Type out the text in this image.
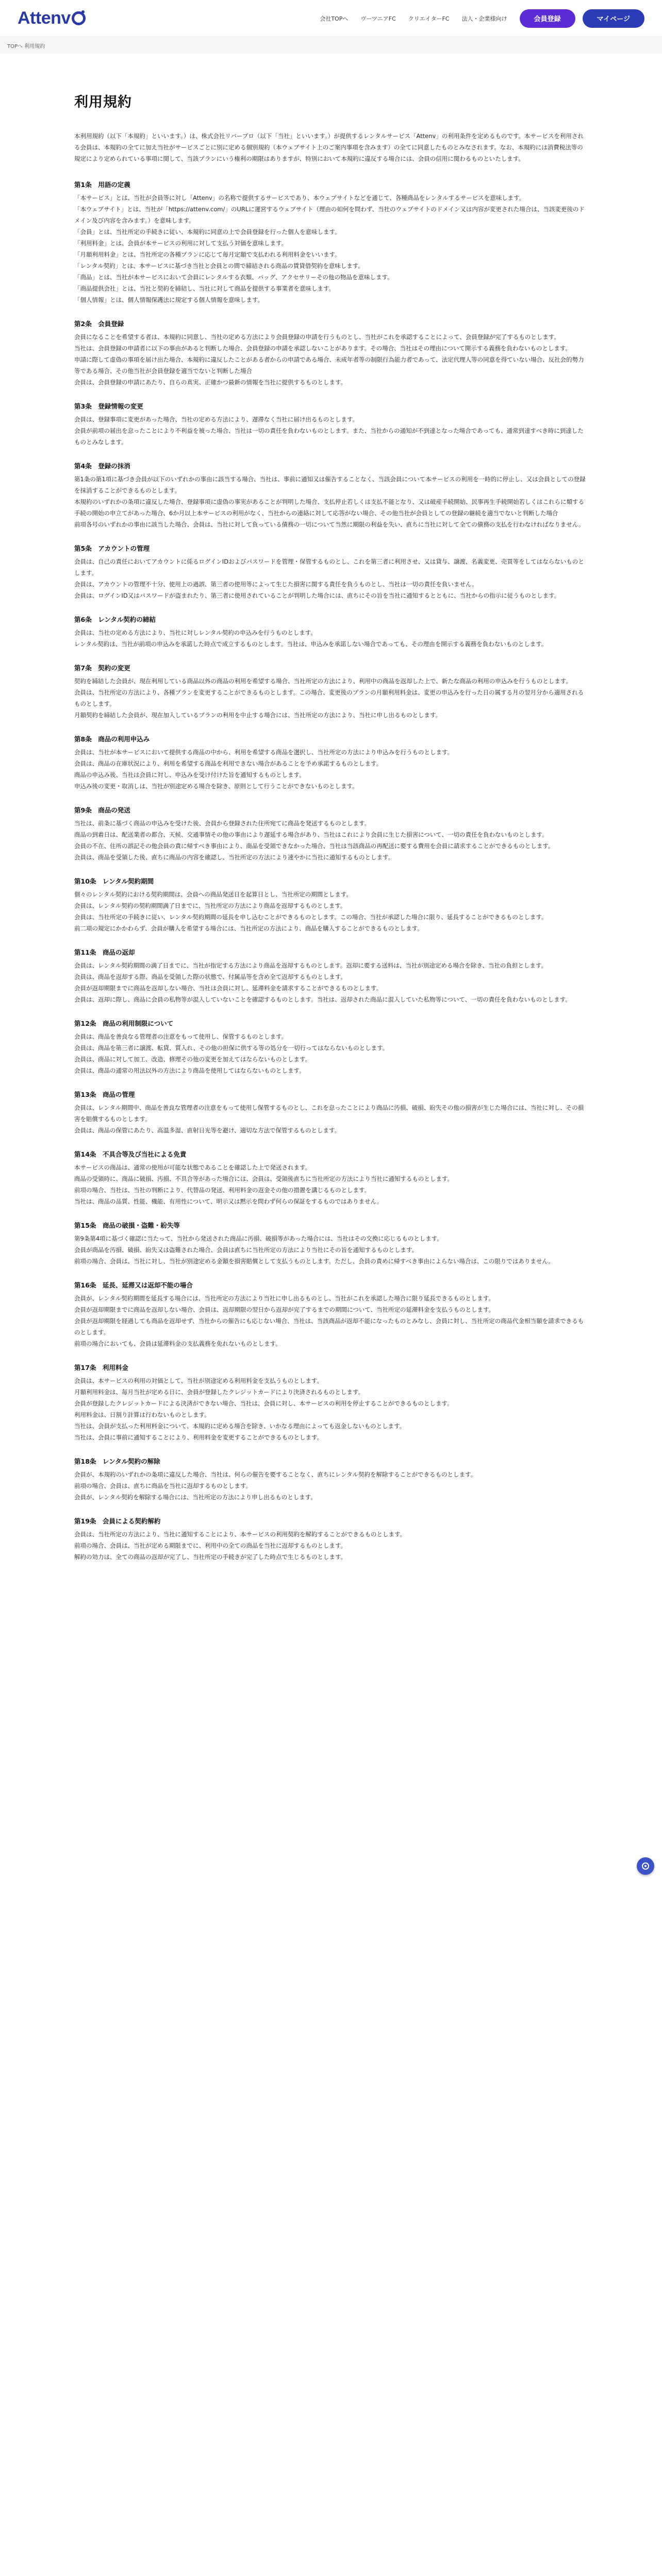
Attenv	会社TOPへ ヴーツニアFC クリエイターFC 法人・企業様向け	会員登録	マイページ
TOPへ 利用規約
利用規約

本利用規約（以下「本規約」といいます。）は、株式会社リバーブロ（以下「当社」といいます。）が提供するレンタルサービス「Attenv」の利用条件を定めるものです。本サービスを利用される会員は、本規約の全てに加え当社がサービスごとに別に定める個別規約（本ウェブサイト上のご案内事項を含みます）の全てに同意したものとみなされます。なお、本規約には消費税法等の規定により定められている事項に関して、当該プランにいう権利の期限はありますが、特別において本規約に違反する場合には、会員の信用に関わるものといたします。

第1条　用語の定義

「本サービス」とは、当社が会員等に対し「Attenv」の名称で提供するサービスであり、本ウェブサイトなどを通じて、各種商品をレンタルするサービスを意味します。
「本ウェブサイト」とは、当社が「https://attenv.com/」のURLに運営するウェブサイト（理由の如何を問わず、当社のウェブサイトのドメイン又は内容が変更された場合は、当該変更後のドメイン及び内容を含みます。）を意味します。
「会員」とは、当社所定の手続きに従い、本規約に同意の上で会員登録を行った個人を意味します。
「利用料金」とは、会員が本サービスの利用に対して支払う対価を意味します。
「月額利用料金」とは、当社所定の各種プランに応じて毎月定額で支払われる利用料金をいいます。
「レンタル契約」とは、本サービスに基づき当社と会員との間で締結される商品の賃貸借契約を意味します。
「商品」とは、当社が本サービスにおいて会員にレンタルする衣類、バッグ、アクセサリーその他の物品を意味します。
「商品提供会社」とは、当社と契約を締結し、当社に対して商品を提供する事業者を意味します。
「個人情報」とは、個人情報保護法に規定する個人情報を意味します。

第2条　会員登録

会員になることを希望する者は、本規約に同意し、当社の定める方法により会員登録の申請を行うものとし、当社がこれを承認することによって、会員登録が完了するものとします。
当社は、会員登録の申請者に以下の事由があると判断した場合、会員登録の申請を承認しないことがあります。その場合、当社はその理由について開示する義務を負わないものとします。
申請に際して虚偽の事項を届け出た場合、本規約に違反したことがある者からの申請である場合、未成年者等の制限行為能力者であって、法定代理人等の同意を得ていない場合、反社会的勢力等である場合、その他当社が会員登録を適当でないと判断した場合
会員は、会員登録の申請にあたり、自らの真実、正確かつ最新の情報を当社に提供するものとします。

第3条　登録情報の変更

会員は、登録事項に変更があった場合、当社の定める方法により、遅滞なく当社に届け出るものとします。
会員が前項の届出を怠ったことにより不利益を被った場合、当社は一切の責任を負わないものとします。また、当社からの通知が不到達となった場合であっても、通常到達すべき時に到達したものとみなします。

第4条　登録の抹消

第1条の第1項に基づき会員が以下のいずれかの事由に該当する場合、当社は、事前に通知又は催告することなく、当該会員について本サービスの利用を一時的に停止し、又は会員としての登録を抹消することができるものとします。
本規約のいずれかの条項に違反した場合、登録事項に虚偽の事実があることが判明した場合、支払停止若しくは支払不能となり、又は破産手続開始、民事再生手続開始若しくはこれらに類する手続の開始の申立てがあった場合、6か月以上本サービスの利用がなく、当社からの連絡に対して応答がない場合、その他当社が会員としての登録の継続を適当でないと判断した場合
前項各号のいずれかの事由に該当した場合、会員は、当社に対して負っている債務の一切について当然に期限の利益を失い、直ちに当社に対して全ての債務の支払を行わなければなりません。

第5条　アカウントの管理

会員は、自己の責任においてアカウントに係るログインIDおよびパスワードを管理・保管するものとし、これを第三者に利用させ、又は貸与、譲渡、名義変更、売買等をしてはならないものとします。
会員は、アカウントの管理不十分、使用上の過誤、第三者の使用等によって生じた損害に関する責任を負うものとし、当社は一切の責任を負いません。
会員は、ログインID又はパスワードが盗まれたり、第三者に使用されていることが判明した場合には、直ちにその旨を当社に通知するとともに、当社からの指示に従うものとします。

第6条　レンタル契約の締結

会員は、当社の定める方法により、当社に対しレンタル契約の申込みを行うものとします。
レンタル契約は、当社が前項の申込みを承諾した時点で成立するものとします。当社は、申込みを承諾しない場合であっても、その理由を開示する義務を負わないものとします。

第7条　契約の変更

契約を締結した会員が、現在利用している商品以外の商品の利用を希望する場合、当社所定の方法により、利用中の商品を返却した上で、新たな商品の利用の申込みを行うものとします。
会員は、当社所定の方法により、各種プランを変更することができるものとします。この場合、変更後のプランの月額利用料金は、変更の申込みを行った日の属する月の翌月分から適用されるものとします。
月額契約を締結した会員が、現在加入しているプランの利用を中止する場合には、当社所定の方法により、当社に申し出るものとします。

第8条　商品の利用申込み

会員は、当社が本サービスにおいて提供する商品の中から、利用を希望する商品を選択し、当社所定の方法により申込みを行うものとします。
会員は、商品の在庫状況により、利用を希望する商品を利用できない場合があることを予め承諾するものとします。
商品の申込み後、当社は会員に対し、申込みを受け付けた旨を通知するものとします。
申込み後の変更・取消しは、当社が別途定める場合を除き、原則として行うことができないものとします。

第9条　商品の発送

当社は、前条に基づく商品の申込みを受けた後、会員から登録された住所宛てに商品を発送するものとします。
商品の到着日は、配送業者の都合、天候、交通事情その他の事由により遅延する場合があり、当社はこれにより会員に生じた損害について、一切の責任を負わないものとします。
会員の不在、住所の誤記その他会員の責に帰すべき事由により、商品を受領できなかった場合、当社は当該商品の再配送に要する費用を会員に請求することができるものとします。
会員は、商品を受領した後、直ちに商品の内容を確認し、当社所定の方法により速やかに当社に通知するものとします。

第10条　レンタル契約期間

個々のレンタル契約における契約期間は、会員への商品発送日を起算日とし、当社所定の期間とします。
会員は、レンタル契約の契約期間満了日までに、当社所定の方法により商品を返却するものとします。
会員は、当社所定の手続きに従い、レンタル契約期間の延長を申し込むことができるものとします。この場合、当社が承認した場合に限り、延長することができるものとします。
前二項の規定にかかわらず、会員が購入を希望する場合には、当社所定の方法により、商品を購入することができるものとします。

第11条　商品の返却

会員は、レンタル契約期間の満了日までに、当社が指定する方法により商品を返却するものとします。返却に要する送料は、当社が別途定める場合を除き、当社の負担とします。
会員は、商品を返却する際、商品を受領した際の状態で、付属品等を含め全て返却するものとします。
会員が返却期限までに商品を返却しない場合、当社は会員に対し、延滞料金を請求することができるものとします。
会員は、返却に際し、商品に会員の私物等が混入していないことを確認するものとします。当社は、返却された商品に混入していた私物等について、一切の責任を負わないものとします。

第12条　商品の利用制限について

会員は、商品を善良なる管理者の注意をもって使用し、保管するものとします。
会員は、商品を第三者に譲渡、転貸、質入れ、その他の担保に供する等の処分を一切行ってはならないものとします。
会員は、商品に対して加工、改造、修理その他の変更を加えてはならないものとします。
会員は、商品の通常の用法以外の方法により商品を使用してはならないものとします。

第13条　商品の管理

会員は、レンタル期間中、商品を善良な管理者の注意をもって使用し保管するものとし、これを怠ったことにより商品に汚損、破損、紛失その他の損害が生じた場合には、当社に対し、その損害を賠償するものとします。
会員は、商品の保管にあたり、高温多湿、直射日光等を避け、適切な方法で保管するものとします。

第14条　不具合等及び当社による免責

本サービスの商品は、通常の使用が可能な状態であることを確認した上で発送されます。
商品の受領時に、商品に破損、汚損、不具合等があった場合には、会員は、受領後直ちに当社所定の方法により当社に通知するものとします。
前項の場合、当社は、当社の判断により、代替品の発送、利用料金の返金その他の措置を講じるものとします。
当社は、商品の品質、性能、機能、有用性について、明示又は黙示を問わず何らの保証をするものではありません。

第15条　商品の破損・盗難・紛失等

第9条第4項に基づく確認に当たって、当社から発送された商品に汚損、破損等があった場合には、当社はその交換に応じるものとします。
会員が商品を汚損、破損、紛失又は盗難された場合、会員は直ちに当社所定の方法により当社にその旨を通知するものとします。
前項の場合、会員は、当社に対し、当社が別途定める金額を損害賠償として支払うものとします。ただし、会員の責めに帰すべき事由によらない場合は、この限りではありません。

第16条　延長、延滞又は返却不能の場合

会員が、レンタル契約期間を延長する場合には、当社所定の方法により当社に申し出るものとし、当社がこれを承認した場合に限り延長できるものとします。
会員が返却期限までに商品を返却しない場合、会員は、返却期限の翌日から返却が完了するまでの期間について、当社所定の延滞料金を支払うものとします。
会員が返却期限を経過しても商品を返却せず、当社からの催告にも応じない場合、当社は、当該商品が返却不能になったものとみなし、会員に対し、当社所定の商品代金相当額を請求できるものとします。
前項の場合においても、会員は延滞料金の支払義務を免れないものとします。

第17条　利用料金

会員は、本サービスの利用の対価として、当社が別途定める利用料金を支払うものとします。
月額利用料金は、毎月当社が定める日に、会員が登録したクレジットカードにより決済されるものとします。
会員が登録したクレジットカードによる決済ができない場合、当社は、会員に対し、本サービスの利用を停止することができるものとします。
利用料金は、日割り計算は行わないものとします。
当社は、会員が支払った利用料金について、本規約に定める場合を除き、いかなる理由によっても返金しないものとします。
当社は、会員に事前に通知することにより、利用料金を変更することができるものとします。

第18条　レンタル契約の解除

会員が、本規約のいずれかの条項に違反した場合、当社は、何らの催告を要することなく、直ちにレンタル契約を解除することができるものとします。
前項の場合、会員は、直ちに商品を当社に返却するものとします。
会員が、レンタル契約を解除する場合には、当社所定の方法により申し出るものとします。

第19条　会員による契約解約

会員は、当社所定の方法により、当社に通知することにより、本サービスの利用契約を解約することができるものとします。
前項の場合、会員は、当社が定める期限までに、利用中の全ての商品を当社に返却するものとします。
解約の効力は、全ての商品の返却が完了し、当社所定の手続きが完了した時点で生じるものとします。
